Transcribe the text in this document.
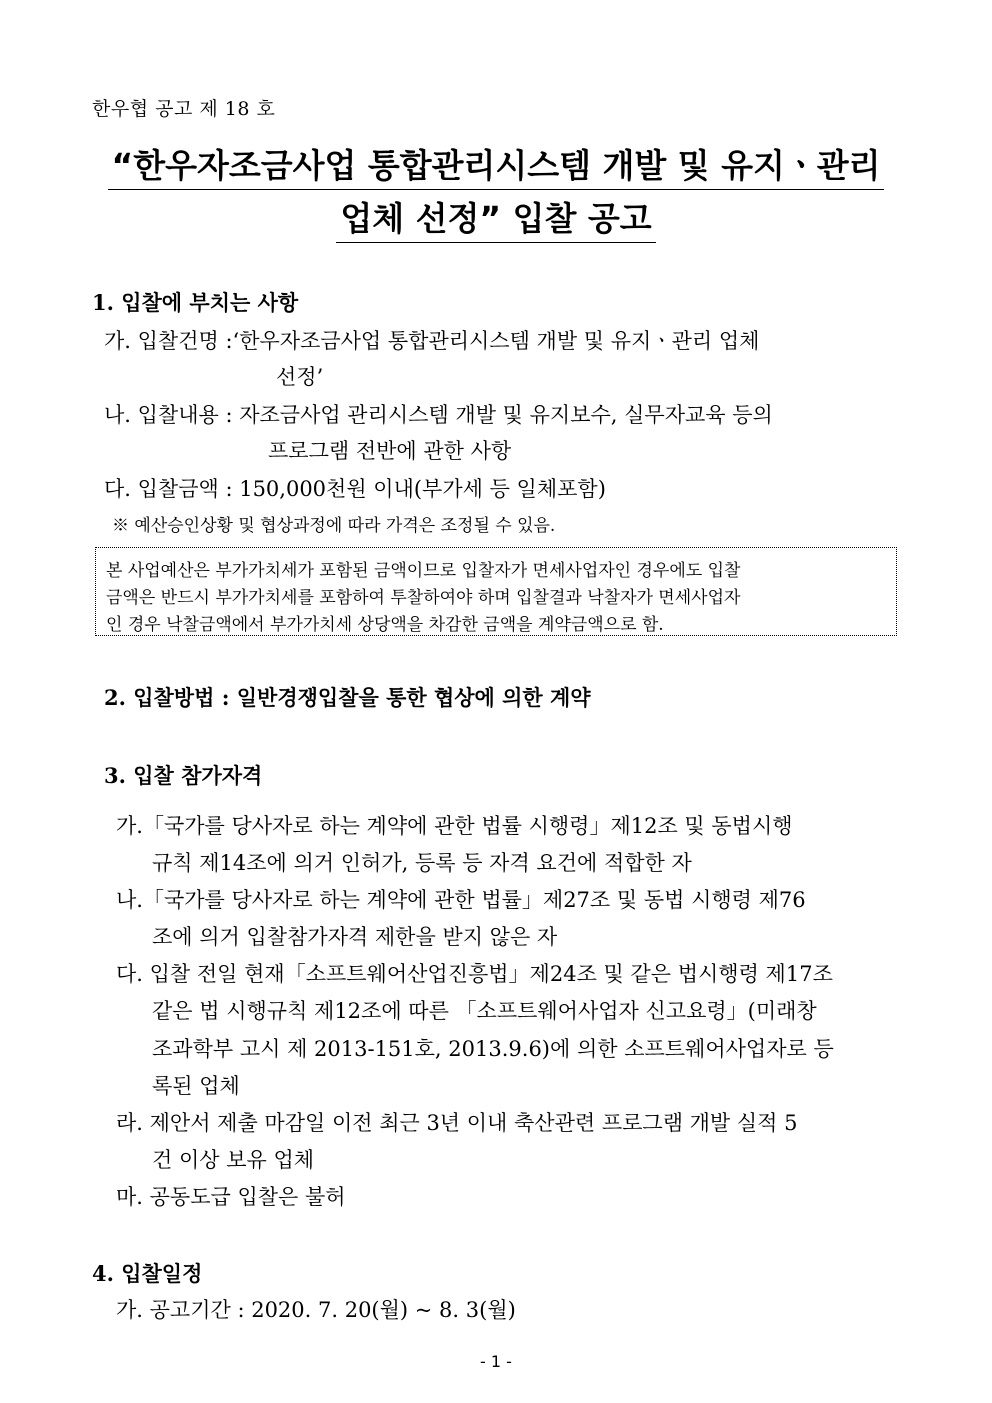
한우협 공고 제 18 호
“한우자조금사업 통합관리시스템 개발 및 유지ㆍ관리
업체 선정” 입찰 공고
1. 입찰에 부치는 사항
가. 입찰건명 :‘한우자조금사업 통합관리시스템 개발 및 유지ㆍ관리 업체
선정’
나. 입찰내용 : 자조금사업 관리시스템 개발 및 유지보수, 실무자교육 등의
프로그램 전반에 관한 사항
다. 입찰금액 : 150,000천원 이내(부가세 등 일체포함)
※ 예산승인상황 및 협상과정에 따라 가격은 조정될 수 있음.
본 사업예산은 부가가치세가 포함된 금액이므로 입찰자가 면세사업자인 경우에도 입찰
금액은 반드시 부가가치세를 포함하여 투찰하여야 하며 입찰결과 낙찰자가 면세사업자
인 경우 낙찰금액에서 부가가치세 상당액을 차감한 금액을 계약금액으로 함.
2. 입찰방법 : 일반경쟁입찰을 통한 협상에 의한 계약
3. 입찰 참가자격
가.「국가를 당사자로 하는 계약에 관한 법률 시행령」제12조 및 동법시행
규칙 제14조에 의거 인허가, 등록 등 자격 요건에 적합한 자
나.「국가를 당사자로 하는 계약에 관한 법률」제27조 및 동법 시행령 제76
조에 의거 입찰참가자격 제한을 받지 않은 자
다. 입찰 전일 현재「소프트웨어산업진흥법」제24조 및 같은 법시행령 제17조
같은 법 시행규칙 제12조에 따른 「소프트웨어사업자 신고요령」(미래창
조과학부 고시 제 2013-151호, 2013.9.6)에 의한 소프트웨어사업자로 등
록된 업체
라. 제안서 제출 마감일 이전 최근 3년 이내 축산관련 프로그램 개발 실적 5
건 이상 보유 업체
마. 공동도급 입찰은 불허
4. 입찰일정
가. 공고기간 : 2020. 7. 20(월) ~ 8. 3(월)
- 1 -
